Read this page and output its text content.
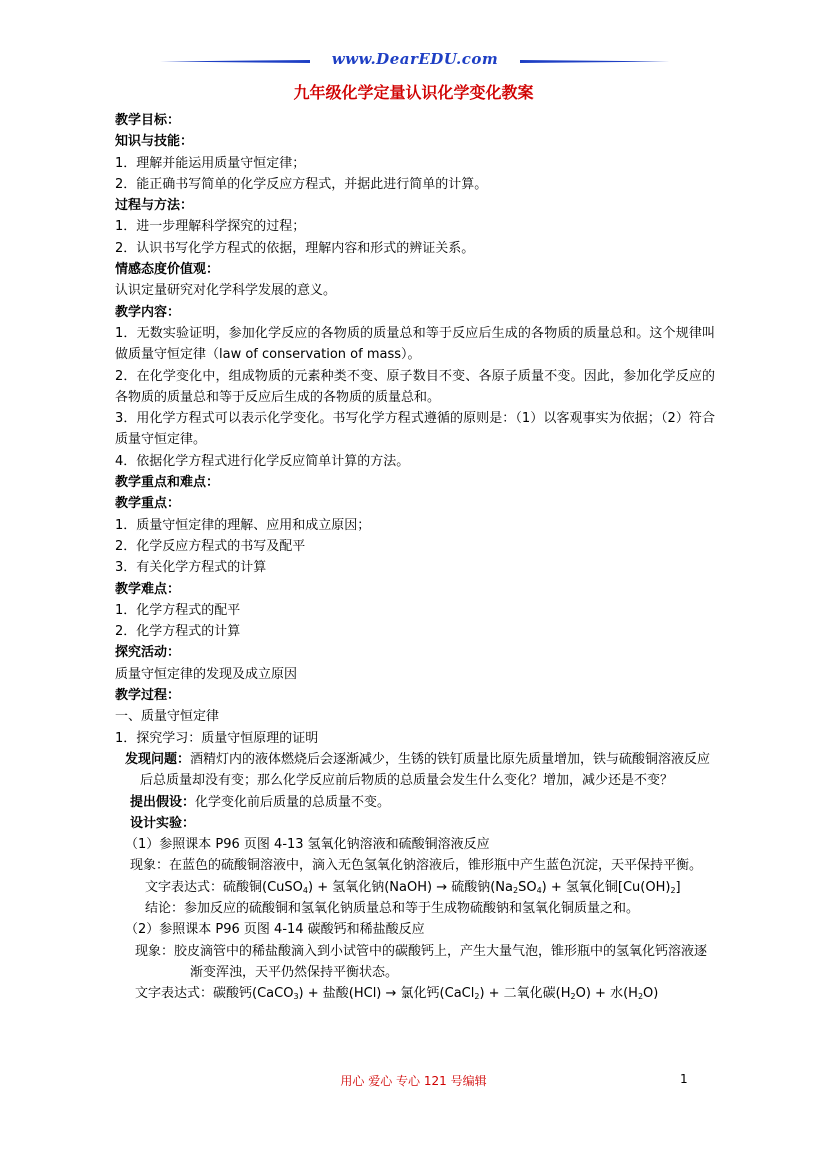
www.DearEDU.com
九年级化学定量认识化学变化教案
教学目标：
知识与技能：
1．理解并能运用质量守恒定律；
2．能正确书写简单的化学反应方程式，并据此进行简单的计算。
过程与方法：
1．进一步理解科学探究的过程；
2．认识书写化学方程式的依据，理解内容和形式的辨证关系。
情感态度价值观：
认识定量研究对化学科学发展的意义。
教学内容：
1．无数实验证明，参加化学反应的各物质的质量总和等于反应后生成的各物质的质量总和。这个规律叫做质量守恒定律（law of conservation of mass）。
2．在化学变化中，组成物质的元素种类不变、原子数目不变、各原子质量不变。因此，参加化学反应的各物质的质量总和等于反应后生成的各物质的质量总和。
3．用化学方程式可以表示化学变化。书写化学方程式遵循的原则是：（1）以客观事实为依据；（2）符合质量守恒定律。
4．依据化学方程式进行化学反应简单计算的方法。
教学重点和难点：
教学重点：
1．质量守恒定律的理解、应用和成立原因；
2．化学反应方程式的书写及配平
3．有关化学方程式的计算
教学难点：
1．化学方程式的配平
2．化学方程式的计算
探究活动：
质量守恒定律的发现及成立原因
教学过程：
一、质量守恒定律
1．探究学习：质量守恒原理的证明
发现问题：酒精灯内的液体燃烧后会逐渐减少，生锈的铁钉质量比原先质量增加，铁与硫酸铜溶液反应后总质量却没有变；那么化学反应前后物质的总质量会发生什么变化？增加，减少还是不变？
提出假设：化学变化前后质量的总质量不变。
设计实验：
（1）参照课本 P96 页图 4-13 氢氧化钠溶液和硫酸铜溶液反应
现象：在蓝色的硫酸铜溶液中，滴入无色氢氧化钠溶液后，锥形瓶中产生蓝色沉淀，天平保持平衡。
文字表达式：硫酸铜(CuSO$_4$) + 氢氧化钠(NaOH) → 硫酸钠$(Na_2SO_4)$ + 氢氧化铜$[Cu(OH)_2]$
结论：参加反应的硫酸铜和氢氧化钠质量总和等于生成物硫酸钠和氢氧化铜质量之和。
（2）参照课本 P96 页图 4-14 碳酸钙和稀盐酸反应
现象：胶皮滴管中的稀盐酸滴入到小试管中的碳酸钙上，产生大量气泡，锥形瓶中的氢氧化钙溶液逐渐变浑浊，天平仍然保持平衡状态。
文字表达式：碳酸钙(CaCO$_3$) + 盐酸(HCl) → 氯化钙(CaCl$_2$) + 二氧化碳$(H_2O)$ + 水$(H_2O)$
用心 爱心 专心 121 号编辑	1
